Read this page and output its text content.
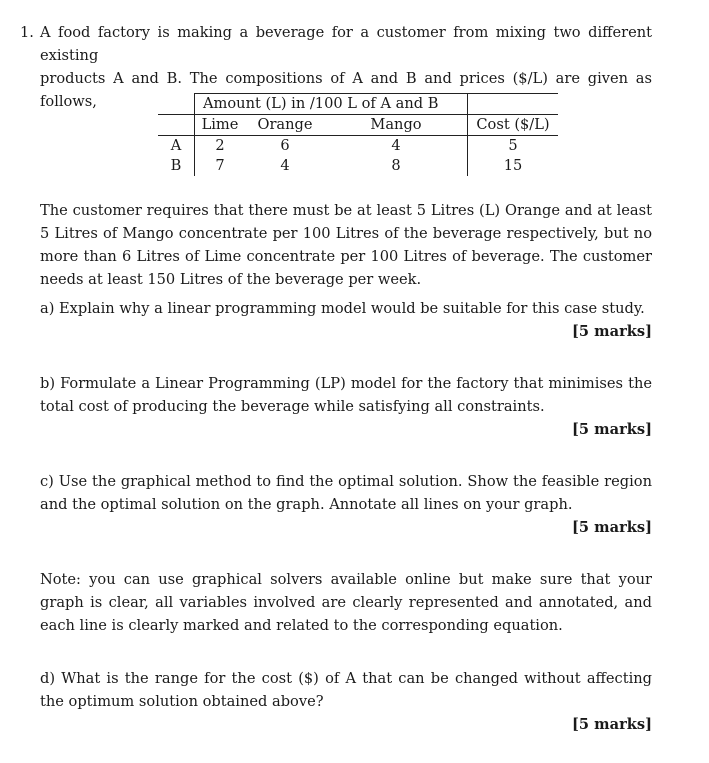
1. A food factory is making a beverage for a customer from mixing two different existing
products A and B. The compositions of A and B and prices ($/L) are given as follows,
		Amount (L) in /100 L of A and B			
	Lime	Orange	Mango	Cost ($/L)
A	2	6	4	5
B	7	4	8	15
The customer requires that there must be at least 5 Litres (L) Orange and at least 5 Litres of Mango concentrate per 100 Litres of the beverage respectively, but no more than 6 Litres of Lime concentrate per 100 Litres of beverage. The customer needs at least 150 Litres of the beverage per week.
a) Explain why a linear programming model would be suitable for this case study.
[5 marks]
b) Formulate a Linear Programming (LP) model for the factory that minimises the total cost of producing the beverage while satisfying all constraints.
[5 marks]
c) Use the graphical method to find the optimal solution. Show the feasible region and the optimal solution on the graph. Annotate all lines on your graph.
[5 marks]
Note: you can use graphical solvers available online but make sure that your graph is clear, all variables involved are clearly represented and annotated, and each line is clearly marked and related to the corresponding equation.
d) What is the range for the cost ($) of A that can be changed without affecting the optimum solution obtained above?
[5 marks]
